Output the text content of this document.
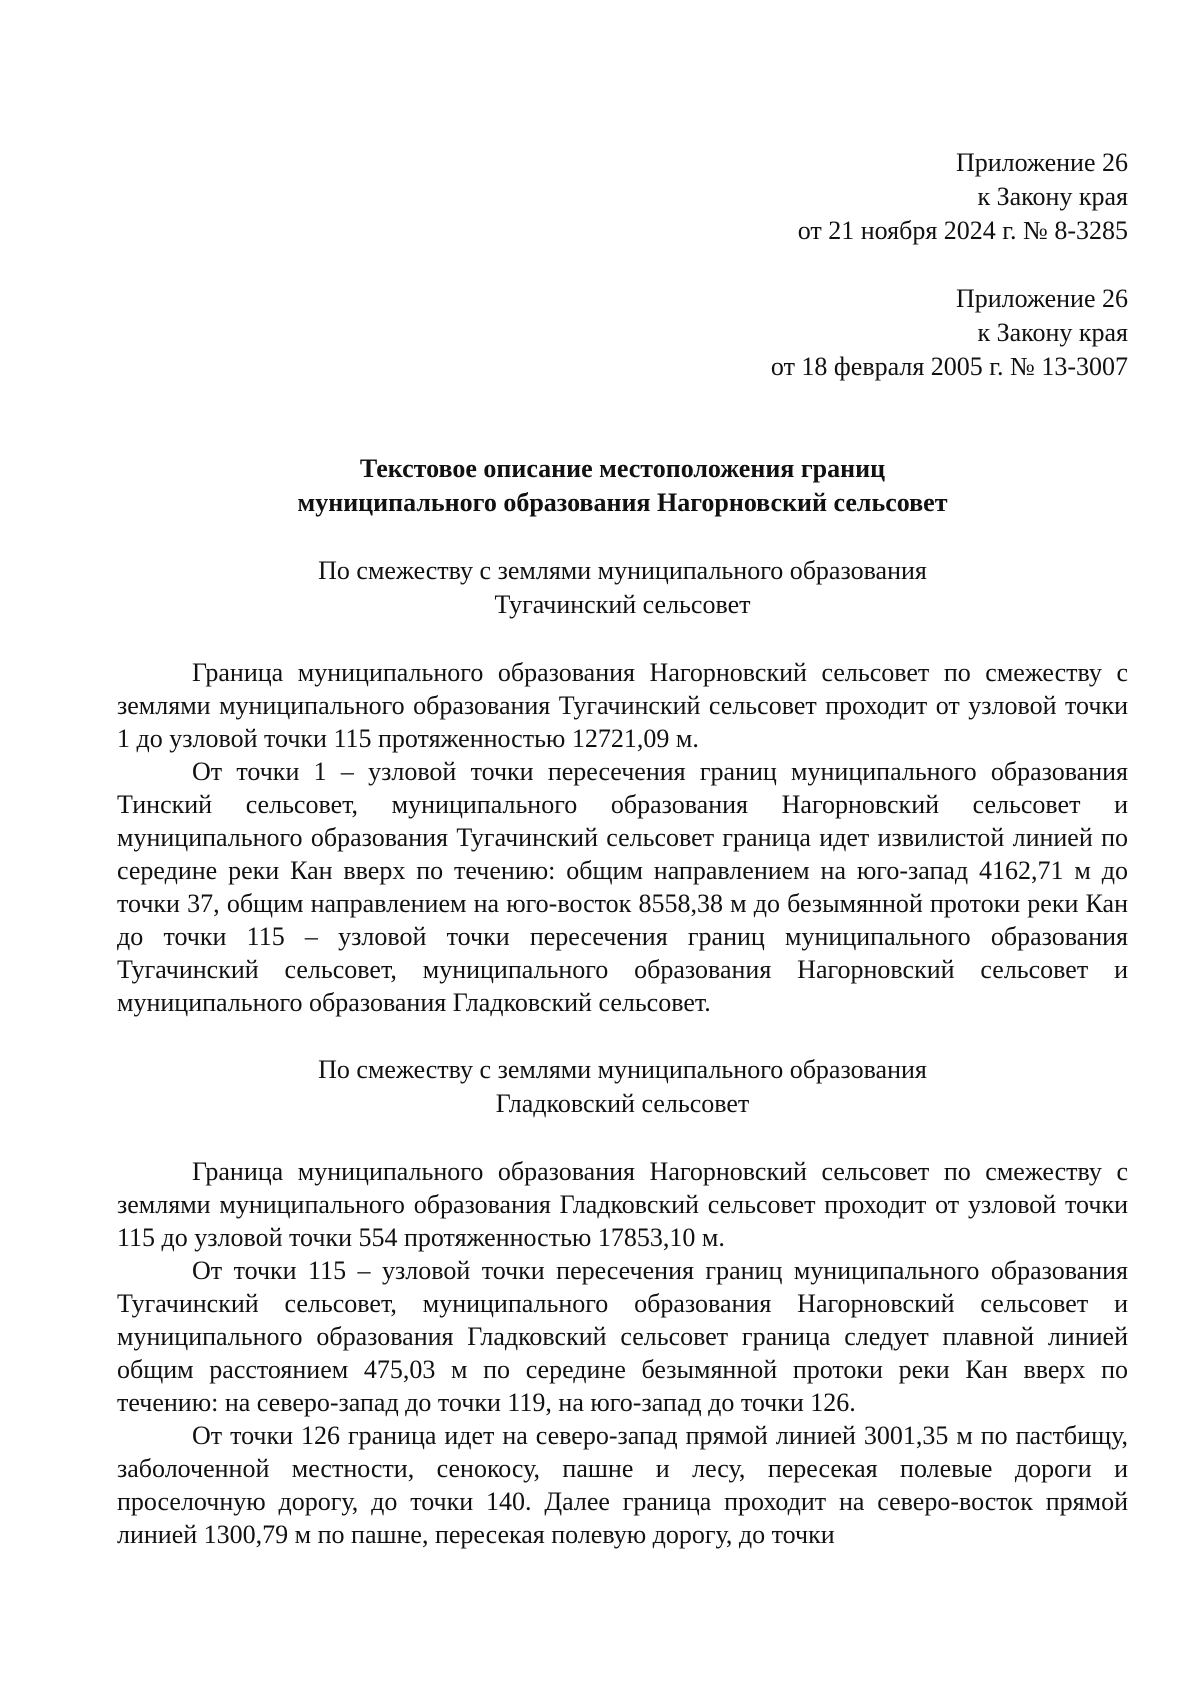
Приложение 26
к Закону края
от 21 ноября 2024 г. № 8-3285
Приложение 26
к Закону края
от 18 февраля 2005 г. № 13-3007
Текстовое описание местоположения границ
муниципального образования Нагорновский сельсовет
По смежеству с землями муниципального образования
Тугачинский сельсовет

Граница муниципального образования Нагорновский сельсовет по смежеству с землями муниципального образования Тугачинский сельсовет проходит от узловой точки 1 до узловой точки 115 протяженностью 12721,09 м.

От точки 1 – узловой точки пересечения границ муниципального образования Тинский сельсовет, муниципального образования Нагорновский сельсовет и муниципального образования Тугачинский сельсовет граница идет извилистой линией по середине реки Кан вверх по течению: общим направлением на юго-запад 4162,71 м до точки 37, общим направлением на юго-восток 8558,38 м до безымянной протоки реки Кан до точки 115 – узловой точки пересечения границ муниципального образования Тугачинский сельсовет, муниципального образования Нагорновский сельсовет и муниципального образования Гладковский сельсовет.

По смежеству с землями муниципального образования
Гладковский сельсовет

Граница муниципального образования Нагорновский сельсовет по смежеству с землями муниципального образования Гладковский сельсовет проходит от узловой точки 115 до узловой точки 554 протяженностью 17853,10 м.

От точки 115 – узловой точки пересечения границ муниципального образования Тугачинский сельсовет, муниципального образования Нагорновский сельсовет и муниципального образования Гладковский сельсовет граница следует плавной линией общим расстоянием 475,03 м по середине безымянной протоки реки Кан вверх по течению: на северо-запад до точки 119, на юго-запад до точки 126.

От точки 126 граница идет на северо-запад прямой линией 3001,35 м по пастбищу, заболоченной местности, сенокосу, пашне и лесу, пересекая полевые дороги и проселочную дорогу, до точки 140. Далее граница проходит на северо-восток прямой линией 1300,79 м по пашне, пересекая полевую дорогу, до точки
